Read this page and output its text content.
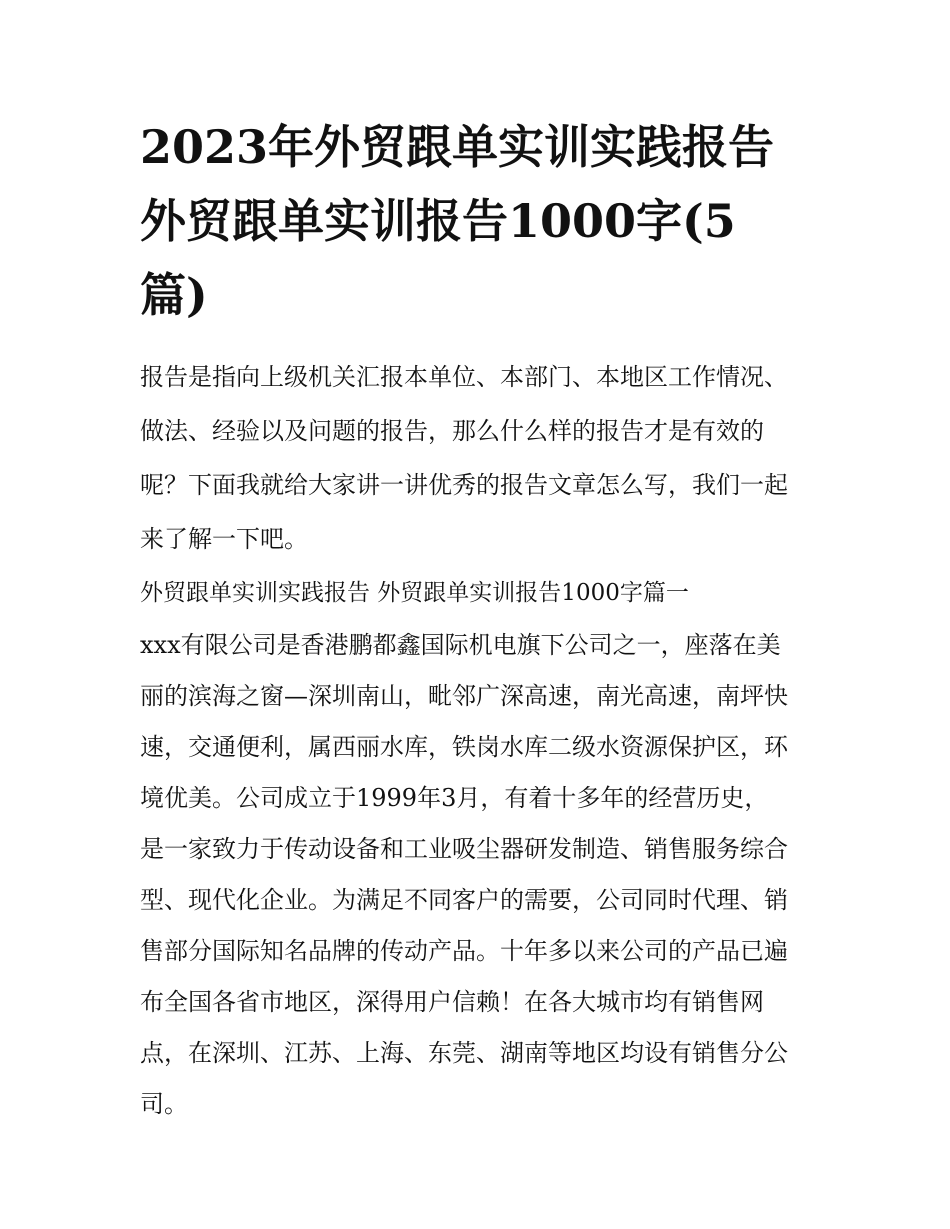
2023年外贸跟单实训实践报告
外贸跟单实训报告1000字(5
篇)
报告是指向上级机关汇报本单位、本部门、本地区工作情况、
做法、经验以及问题的报告，那么什么样的报告才是有效的
呢？下面我就给大家讲一讲优秀的报告文章怎么写，我们一起
来了解一下吧。
外贸跟单实训实践报告 外贸跟单实训报告1000字篇一
xxx有限公司是香港鹏都鑫国际机电旗下公司之一，座落在美
丽的滨海之窗—深圳南山，毗邻广深高速，南光高速，南坪快
速，交通便利，属西丽水库，铁岗水库二级水资源保护区，环
境优美。公司成立于1999年3月，有着十多年的经营历史，
是一家致力于传动设备和工业吸尘器研发制造、销售服务综合
型、现代化企业。为满足不同客户的需要，公司同时代理、销
售部分国际知名品牌的传动产品。十年多以来公司的产品已遍
布全国各省市地区，深得用户信赖！在各大城市均有销售网
点，在深圳、江苏、上海、东莞、湖南等地区均设有销售分公
司。
